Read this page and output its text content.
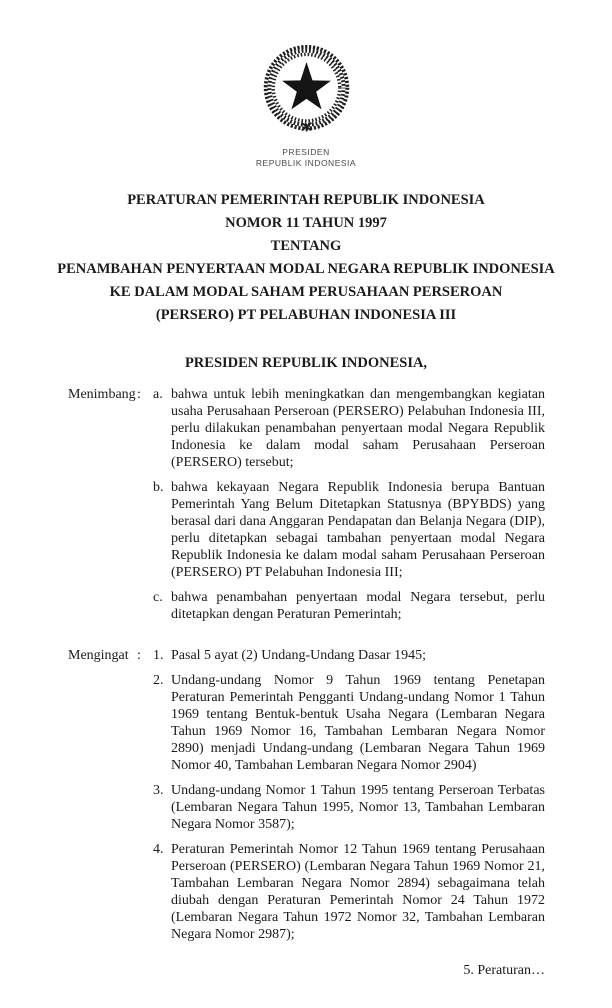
PRESIDEN
REPUBLIK INDONESIA
PERATURAN PEMERINTAH REPUBLIK INDONESIA
NOMOR 11 TAHUN 1997
TENTANG
PENAMBAHAN PENYERTAAN MODAL NEGARA REPUBLIK INDONESIA
KE DALAM MODAL SAHAM PERUSAHAAN PERSEROAN
(PERSERO) PT PELABUHAN INDONESIA III
PRESIDEN REPUBLIK INDONESIA,
Menimbang : a. bahwa untuk lebih meningkatkan dan mengembangkan kegiatan usaha Perusahaan Perseroan (PERSERO) Pelabuhan Indonesia III, perlu dilakukan penambahan penyertaan modal Negara Republik Indonesia ke dalam modal saham Perusahaan Perseroan (PERSERO) tersebut;
b. bahwa kekayaan Negara Republik Indonesia berupa Bantuan Pemerintah Yang Belum Ditetapkan Statusnya (BPYBDS) yang berasal dari dana Anggaran Pendapatan dan Belanja Negara (DIP), perlu ditetapkan sebagai tambahan penyertaan modal Negara Republik Indonesia ke dalam modal saham Perusahaan Perseroan (PERSERO) PT Pelabuhan Indonesia III;
c. bahwa penambahan penyertaan modal Negara tersebut, perlu ditetapkan dengan Peraturan Pemerintah;
Mengingat : 1. Pasal 5 ayat (2) Undang-Undang Dasar 1945;
2. Undang-undang Nomor 9 Tahun 1969 tentang Penetapan Peraturan Pemerintah Pengganti Undang-undang Nomor 1 Tahun 1969 tentang Bentuk-bentuk Usaha Negara (Lembaran Negara Tahun 1969 Nomor 16, Tambahan Lembaran Negara Nomor 2890) menjadi Undang-undang (Lembaran Negara Tahun 1969 Nomor 40, Tambahan Lembaran Negara Nomor 2904)
3. Undang-undang Nomor 1 Tahun 1995 tentang Perseroan Terbatas (Lembaran Negara Tahun 1995, Nomor 13, Tambahan Lembaran Negara Nomor 3587);
4. Peraturan Pemerintah Nomor 12 Tahun 1969 tentang Perusahaan Perseroan (PERSERO) (Lembaran Negara Tahun 1969 Nomor 21, Tambahan Lembaran Negara Nomor 2894) sebagaimana telah diubah dengan Peraturan Pemerintah Nomor 24 Tahun 1972 (Lembaran Negara Tahun 1972 Nomor 32, Tambahan Lembaran Negara Nomor 2987);
5. Peraturan…
